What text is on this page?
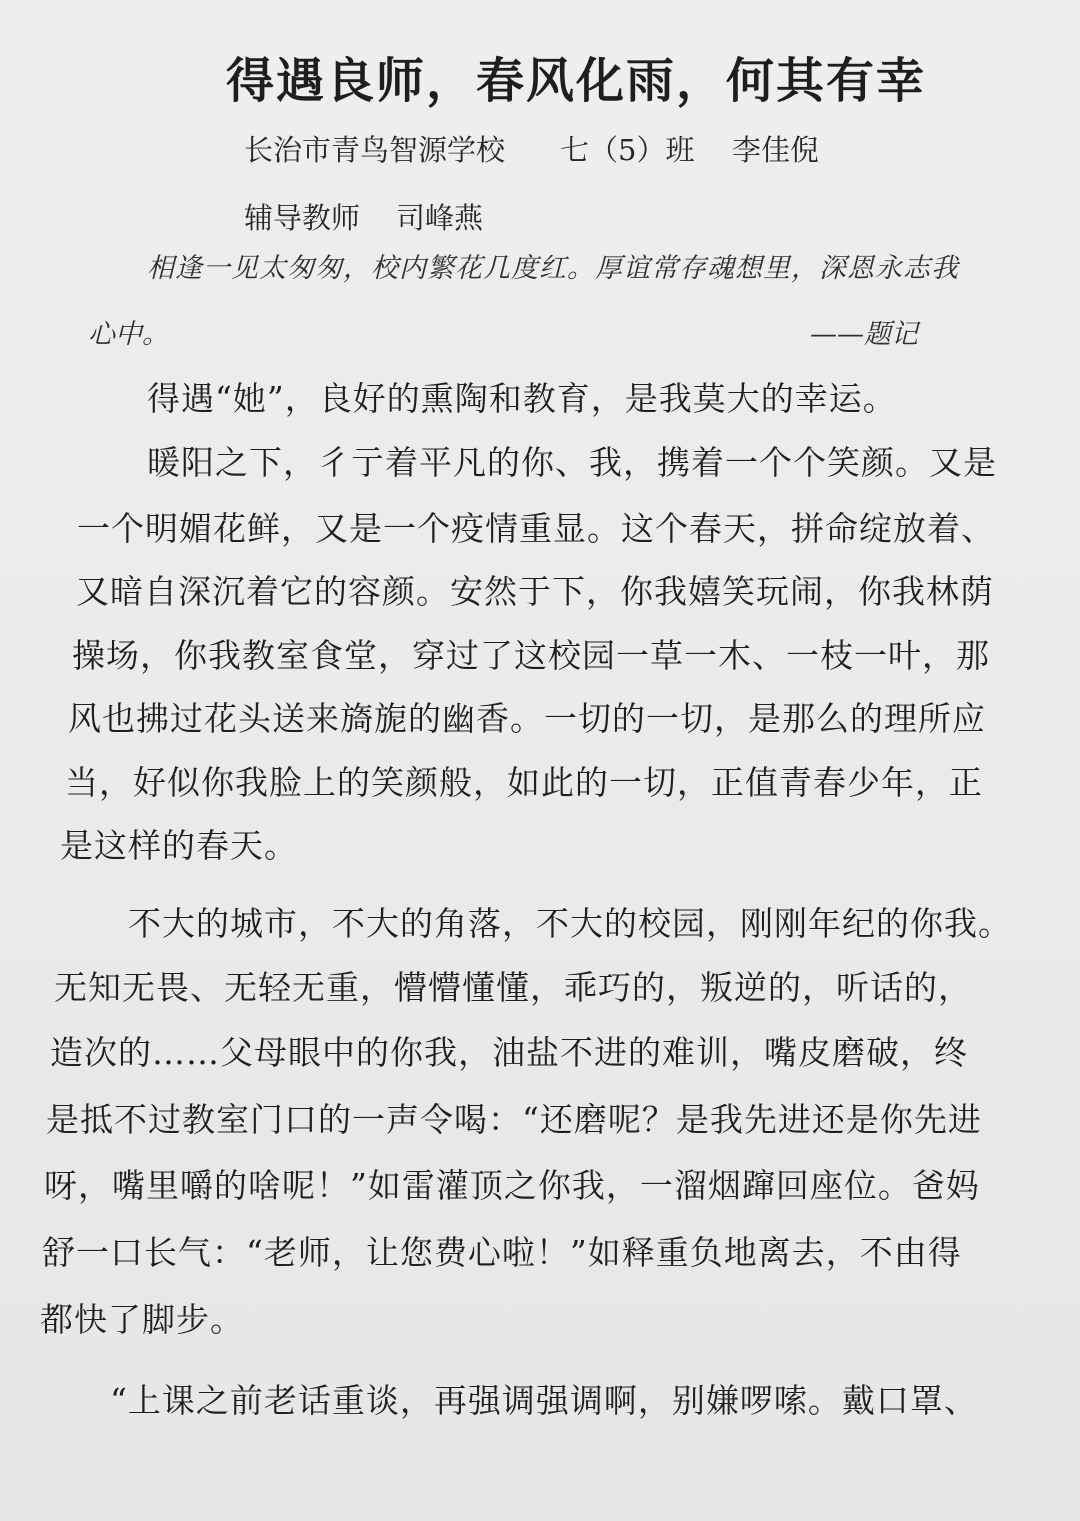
得遇良师，春风化雨，何其有幸
长治市青鸟智源学校 七（5）班 李佳倪
辅导教师 司峰燕

相逢一见太匆匆，校内繁花几度红。厚谊常存魂想里，深恩永志我

心中。	——题记

得遇“她”，良好的熏陶和教育，是我莫大的幸运。

暖阳之下，彳亍着平凡的你、我，携着一个个笑颜。又是

一个明媚花鲜，又是一个疫情重显。这个春天，拼命绽放着、

又暗自深沉着它的容颜。安然于下，你我嬉笑玩闹，你我林荫

操场，你我教室食堂，穿过了这校园一草一木、一枝一叶，那

风也拂过花头送来旖旎的幽香。一切的一切，是那么的理所应

当，好似你我脸上的笑颜般，如此的一切，正值青春少年，正

是这样的春天。

不大的城市，不大的角落，不大的校园，刚刚年纪的你我。

无知无畏、无轻无重，懵懵懂懂，乖巧的，叛逆的，听话的，

造次的……父母眼中的你我，油盐不进的难训，嘴皮磨破，终

是抵不过教室门口的一声令喝：“还磨呢？是我先进还是你先进

呀，嘴里嚼的啥呢！”如雷灌顶之你我，一溜烟蹿回座位。爸妈

舒一口长气：“老师，让您费心啦！”如释重负地离去，不由得

都快了脚步。

“上课之前老话重谈，再强调强调啊，别嫌啰嗦。戴口罩、
